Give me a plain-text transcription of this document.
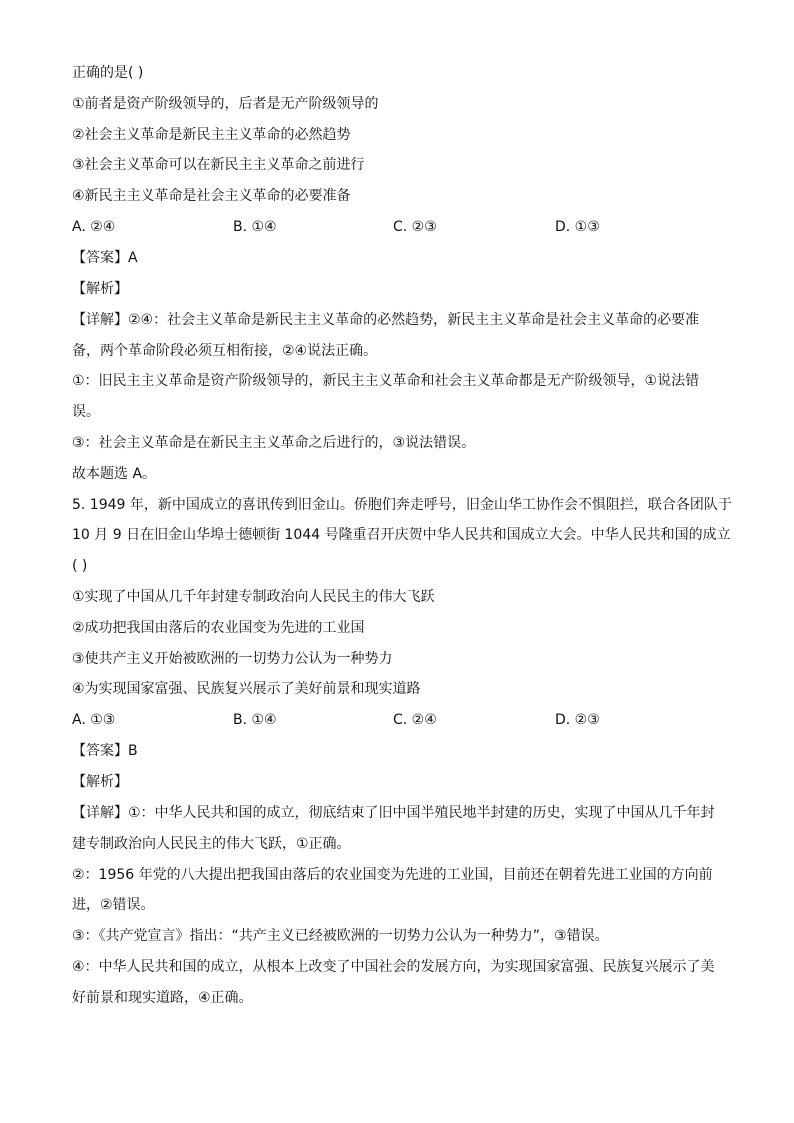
正确的是( )

①前者是资产阶级领导的，后者是无产阶级领导的

②社会主义革命是新民主主义革命的必然趋势

③社会主义革命可以在新民主主义革命之前进行

④新民主主义革命是社会主义革命的必要准备

A. ②④	B. ①④	C. ②③	D. ①③

【答案】A

【解析】

【详解】②④：社会主义革命是新民主主义革命的必然趋势，新民主主义革命是社会主义革命的必要准

备，两个革命阶段必须互相衔接，②④说法正确。

①：旧民主主义革命是资产阶级领导的，新民主主义革命和社会主义革命都是无产阶级领导，①说法错

误。

③：社会主义革命是在新民主主义革命之后进行的，③说法错误。

故本题选 A。

5. 1949 年，新中国成立的喜讯传到旧金山。侨胞们奔走呼号，旧金山华工协作会不惧阻拦，联合各团队于

10 月 9 日在旧金山华埠士德顿街 1044 号隆重召开庆贺中华人民共和国成立大会。中华人民共和国的成立

( )

①实现了中国从几千年封建专制政治向人民民主的伟大飞跃

②成功把我国由落后的农业国变为先进的工业国

③使共产主义开始被欧洲的一切势力公认为一种势力

④为实现国家富强、民族复兴展示了美好前景和现实道路

A. ①③	B. ①④	C. ②④	D. ②③

【答案】B

【解析】

【详解】①：中华人民共和国的成立，彻底结束了旧中国半殖民地半封建的历史，实现了中国从几千年封

建专制政治向人民民主的伟大飞跃，①正确。

②：1956 年党的八大提出把我国由落后的农业国变为先进的工业国，目前还在朝着先进工业国的方向前

进，②错误。

③：《共产党宣言》指出：“共产主义已经被欧洲的一切势力公认为一种势力”，③错误。

④：中华人民共和国的成立，从根本上改变了中国社会的发展方向，为实现国家富强、民族复兴展示了美

好前景和现实道路，④正确。
